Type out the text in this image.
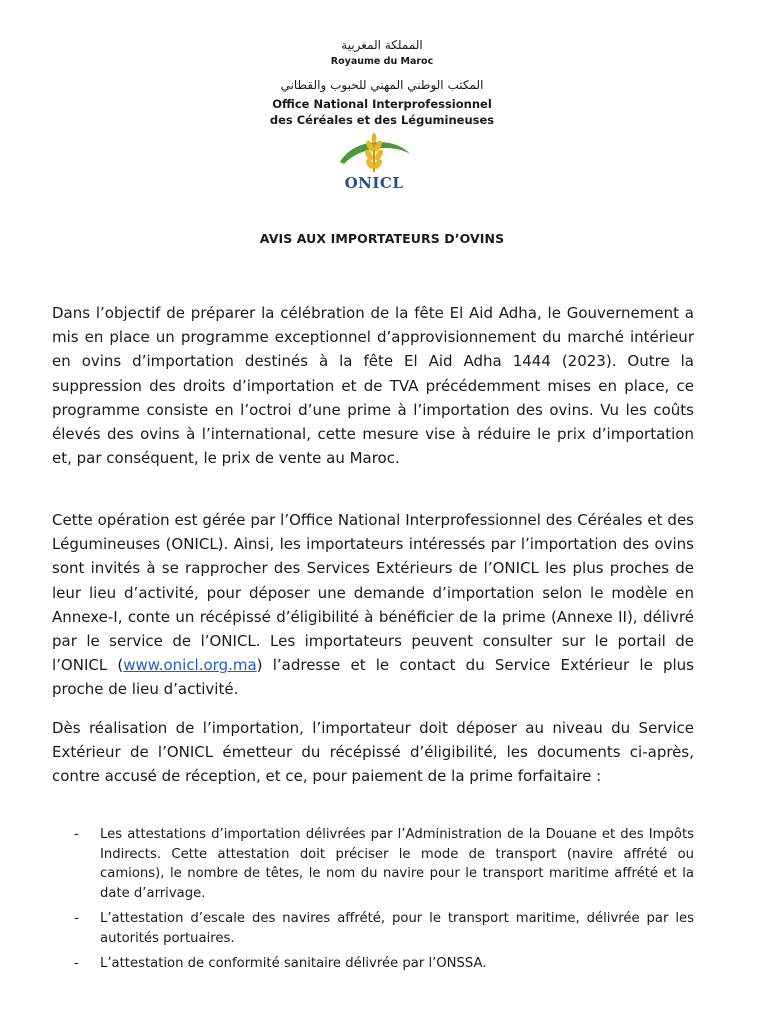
المملكة المغربية
Royaume du Maroc
المكتب الوطني المهني للحبوب والقطاني
Office National Interprofessionnel
des Céréales et des Légumineuses
ONICL
AVIS AUX IMPORTATEURS D’OVINS

Dans l’objectif de préparer la célébration de la fête El Aid Adha, le Gouvernement a mis en place un programme exceptionnel d’approvisionnement du marché intérieur en ovins d’importation destinés à la fête El Aid Adha 1444 (2023). Outre la suppression des droits d’importation et de TVA précédemment mises en place, ce programme consiste en l’octroi d’une prime à l’importation des ovins. Vu les coûts élevés des ovins à l’international, cette mesure vise à réduire le prix d’importation et, par conséquent, le prix de vente au Maroc.

Cette opération est gérée par l’Office National Interprofessionnel des Céréales et des Légumineuses (ONICL). Ainsi, les importateurs intéressés par l’importation des ovins sont invités à se rapprocher des Services Extérieurs de l’ONICL les plus proches de leur lieu d’activité, pour déposer une demande d’importation selon le modèle en Annexe-I, conte un récépissé d’éligibilité à bénéficier de la prime (Annexe II), délivré par le service de l’ONICL. Les importateurs peuvent consulter sur le portail de l’ONICL (www.onicl.org.ma) l’adresse et le contact du Service Extérieur le plus proche de lieu d’activité.

Dès réalisation de l’importation, l’importateur doit déposer au niveau du Service Extérieur de l’ONICL émetteur du récépissé d’éligibilité, les documents ci-après, contre accusé de réception, et ce, pour paiement de la prime forfaitaire :

- Les attestations d’importation délivrées par l’Administration de la Douane et des Impôts Indirects. Cette attestation doit préciser le mode de transport (navire affrété ou camions), le nombre de têtes, le nom du navire pour le transport maritime affrété et la date d’arrivage.
- L’attestation d’escale des navires affrété, pour le transport maritime, délivrée par les autorités portuaires.
- L’attestation de conformité sanitaire délivrée par l’ONSSA.
